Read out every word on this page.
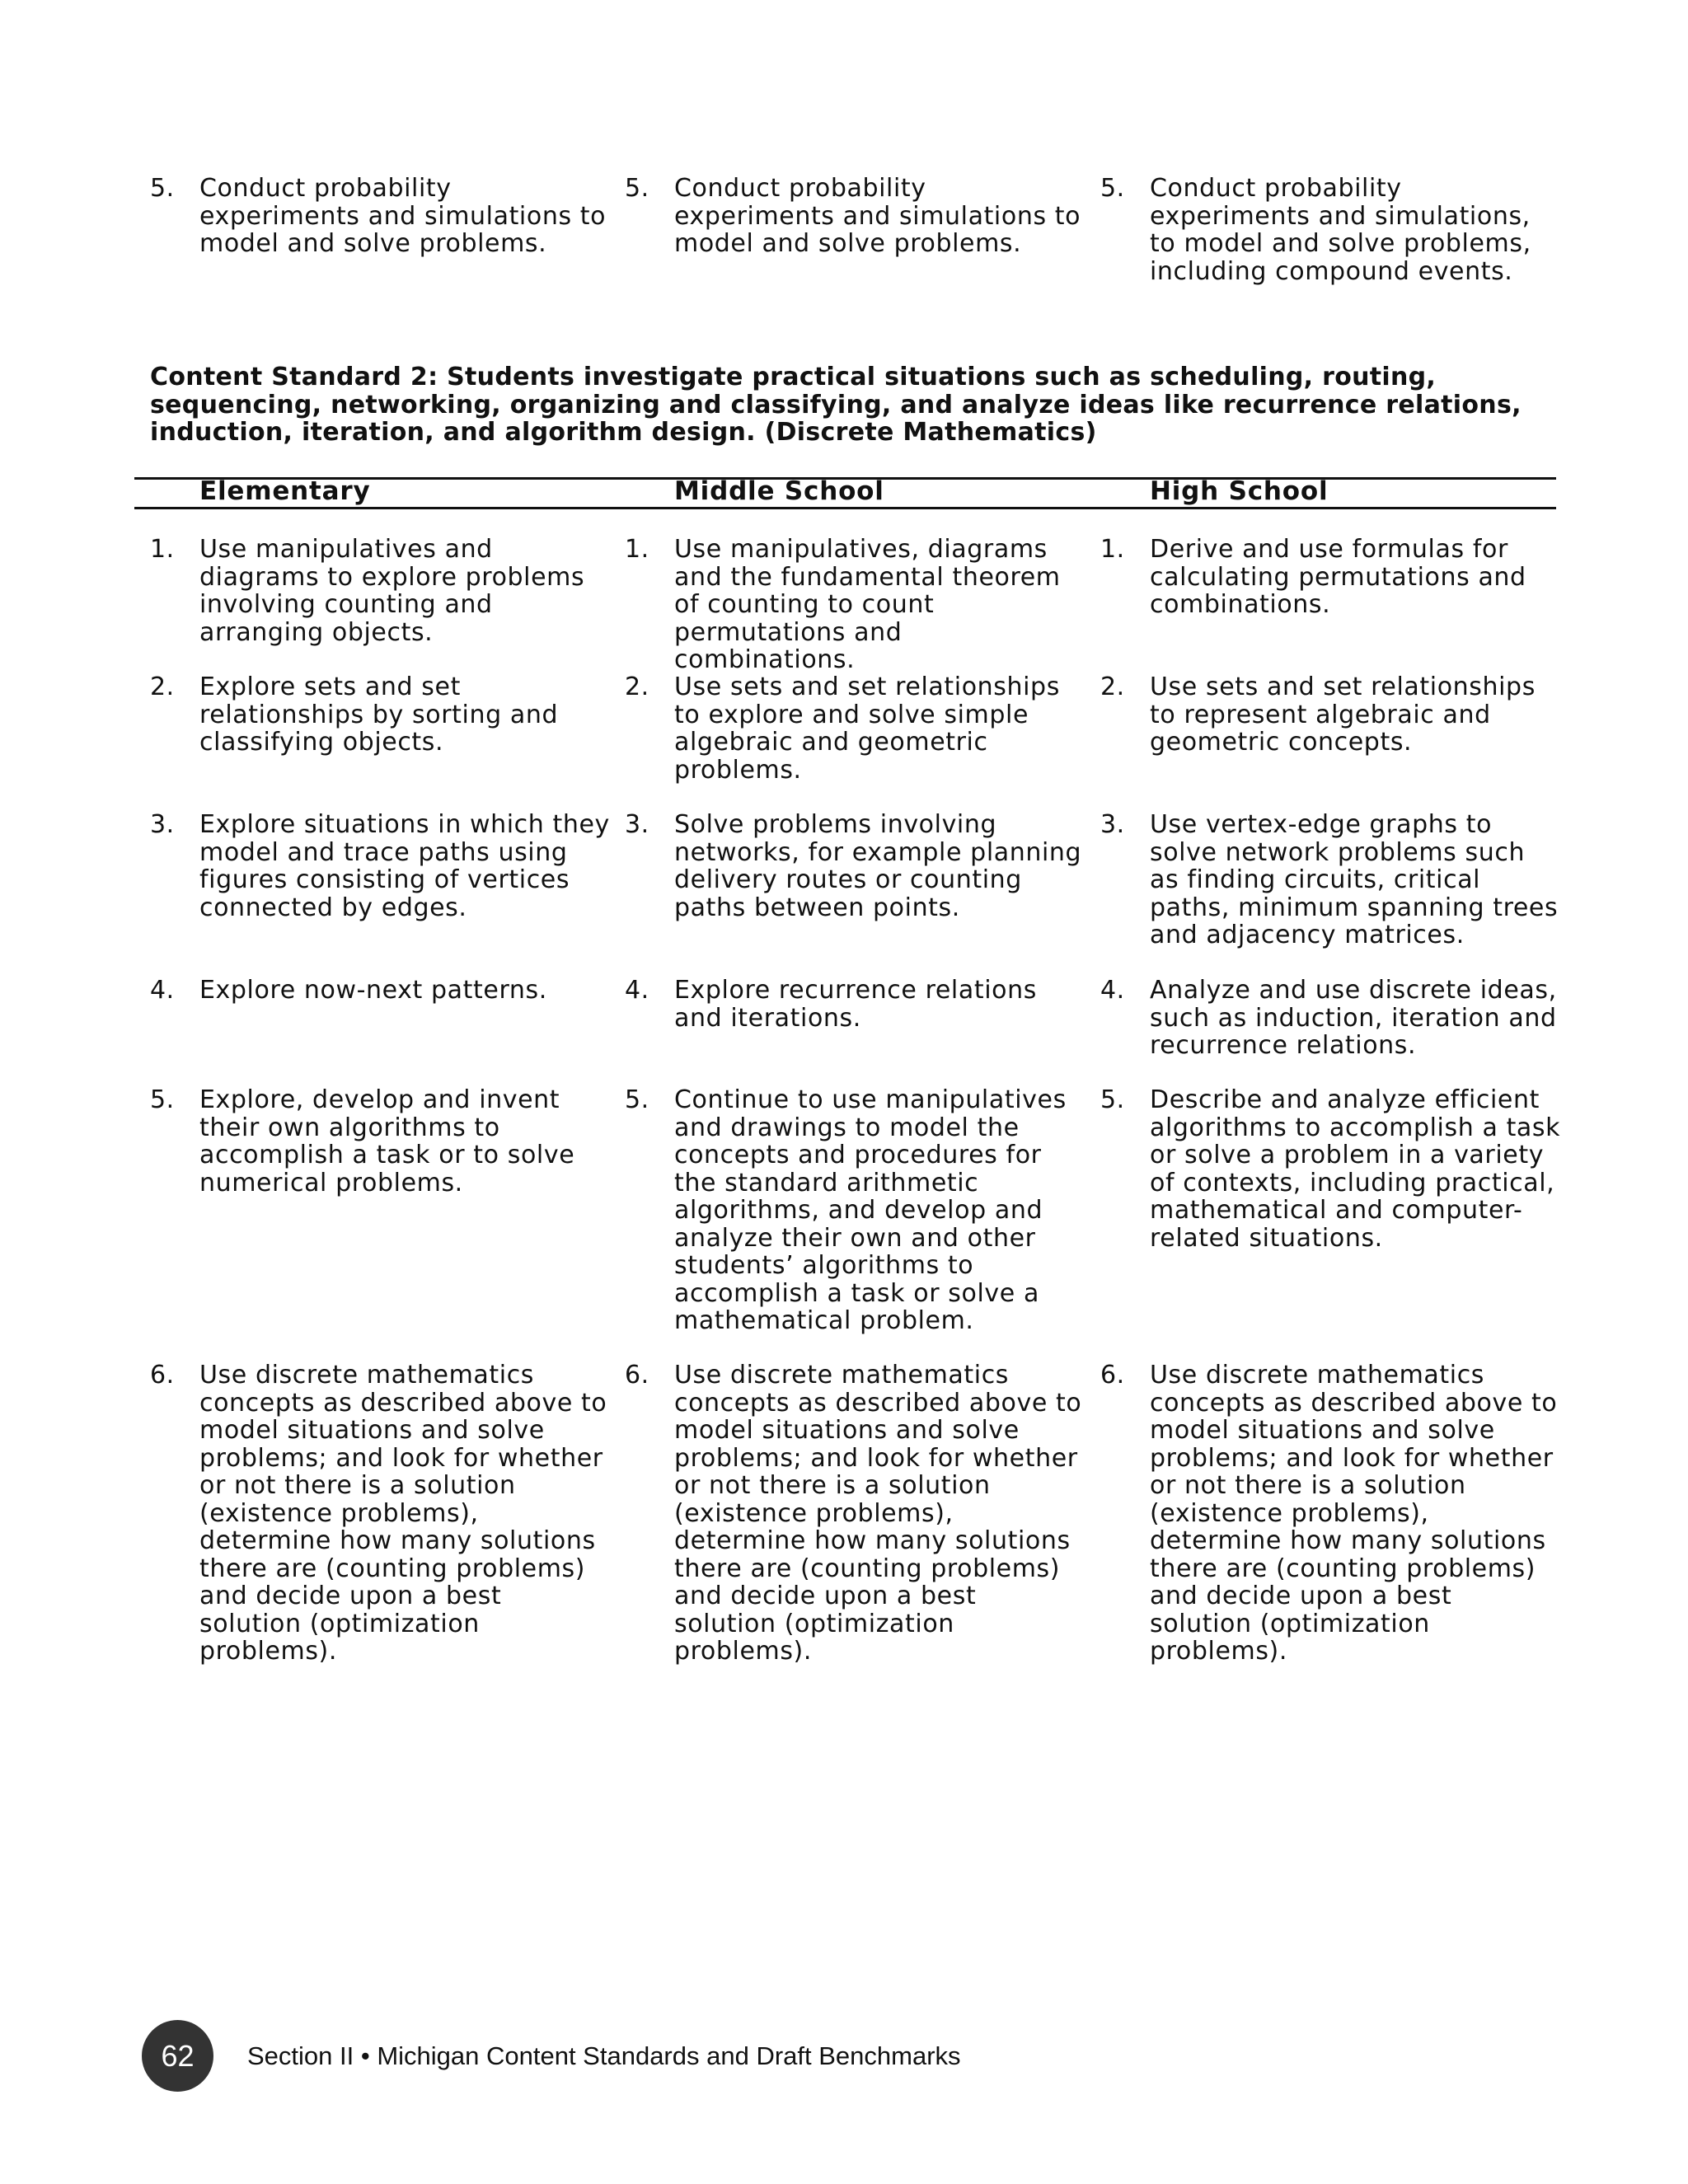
5.	Conduct probability experiments and simulations to model and solve problems.
5.	Conduct probability experiments and simulations to model and solve problems.
5.	Conduct probability experiments and simulations, to model and solve problems, including compound events.
Content Standard 2: Students investigate practical situations such as scheduling, routing, sequencing, networking, organizing and classifying, and analyze ideas like recurrence relations, induction, iteration, and algorithm design. (Discrete Mathematics)
Elementary	Middle School	High School
1.	Use manipulatives and diagrams to explore problems involving counting and arranging objects.
1.	Use manipulatives, diagrams and the fundamental theorem of counting to count permutations and combinations.
1.	Derive and use formulas for calculating permutations and combinations.
2.	Explore sets and set relationships by sorting and classifying objects.
2.	Use sets and set relationships to explore and solve simple algebraic and geometric problems.
2.	Use sets and set relationships to represent algebraic and geometric concepts.
3.	Explore situations in which they model and trace paths using figures consisting of vertices connected by edges.
3.	Solve problems involving networks, for example planning delivery routes or counting paths between points.
3.	Use vertex-edge graphs to solve network problems such as finding circuits, critical paths, minimum spanning trees and adjacency matrices.
4.	Explore now-next patterns.	4.	Explore recurrence relations and iterations.
4.	Analyze and use discrete ideas, such as induction, iteration and recurrence relations.
5.	Explore, develop and invent their own algorithms to accomplish a task or to solve numerical problems.
5.	Continue to use manipulatives and drawings to model the concepts and procedures for the standard arithmetic algorithms, and develop and analyze their own and other students’ algorithms to accomplish a task or solve a mathematical problem.
5.	Describe and analyze efficient algorithms to accomplish a task or solve a problem in a variety of contexts, including practical, mathematical and computer-related situations.
6.	Use discrete mathematics concepts as described above to model situations and solve problems; and look for whether or not there is a solution (existence problems), determine how many solutions there are (counting problems) and decide upon a best solution (optimization problems).
6.	Use discrete mathematics concepts as described above to model situations and solve problems; and look for whether or not there is a solution (existence problems), determine how many solutions there are (counting problems) and decide upon a best solution (optimization problems).
6.	Use discrete mathematics concepts as described above to model situations and solve problems; and look for whether or not there is a solution (existence problems), determine how many solutions there are (counting problems) and decide upon a best solution (optimization problems).
62 Section II • Michigan Content Standards and Draft Benchmarks
